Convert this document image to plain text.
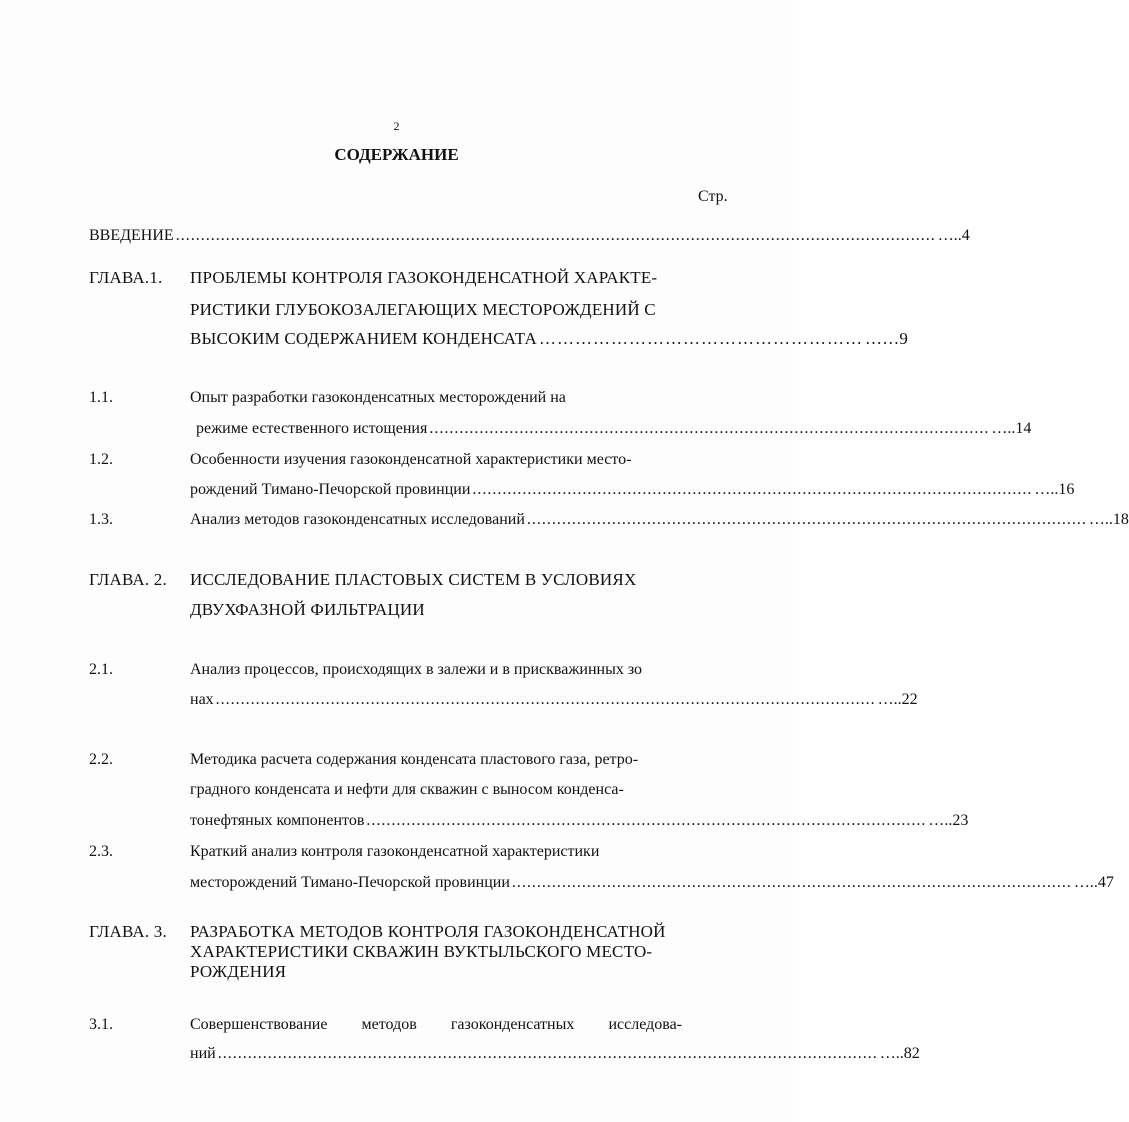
2
СОДЕРЖАНИЕ
Стр.
ВВЕДЕНИЕ ........................................................................................................................................................ …..4
ГЛАВА.1. ПРОБЛЕМЫ КОНТРОЛЯ ГАЗОКОНДЕНСАТНОЙ ХАРАКТЕ-
РИСТИКИ ГЛУБОКОЗАЛЕГАЮЩИХ МЕСТОРОЖДЕНИЙ С
ВЫСОКИМ СОДЕРЖАНИЕМ КОНДЕНСАТА ……………………………………………… ……9
1.1.	Опыт разработки газоконденсатных месторождений на
режиме естественного истощения ................................................................................................................ …..14
1.2.	Особенности изучения газоконденсатной характеристики место-
рождений Тимано-Печорской провинции ................................................................................................................ …..16
1.3.	Анализ методов газоконденсатных исследований ................................................................................................................ …..18
ГЛАВА. 2. ИССЛЕДОВАНИЕ ПЛАСТОВЫХ СИСТЕМ В УСЛОВИЯХ
ДВУХФАЗНОЙ ФИЛЬТРАЦИИ
2.1.	Анализ процессов, происходящих в залежи и в прискважинных зо
нах .................................................................................................................................... …..22
2.2.	Методика расчета содержания конденсата пластового газа, ретро-
градного конденсата и нефти для скважин с выносом конденса-
тонефтяных компонентов ................................................................................................................ …..23
2.3.	Краткий анализ контроля газоконденсатной характеристики
месторождений Тимано-Печорской провинции ................................................................................................................ …..47
ГЛАВА. 3. РАЗРАБОТКА МЕТОДОВ КОНТРОЛЯ ГАЗОКОНДЕНСАТНОЙ
ХАРАКТЕРИСТИКИ СКВАЖИН ВУКТЫЛЬСКОГО МЕСТО-
РОЖДЕНИЯ
3.1.	Совершенствование методов газоконденсатных исследова-
ний .................................................................................................................................... …..82
